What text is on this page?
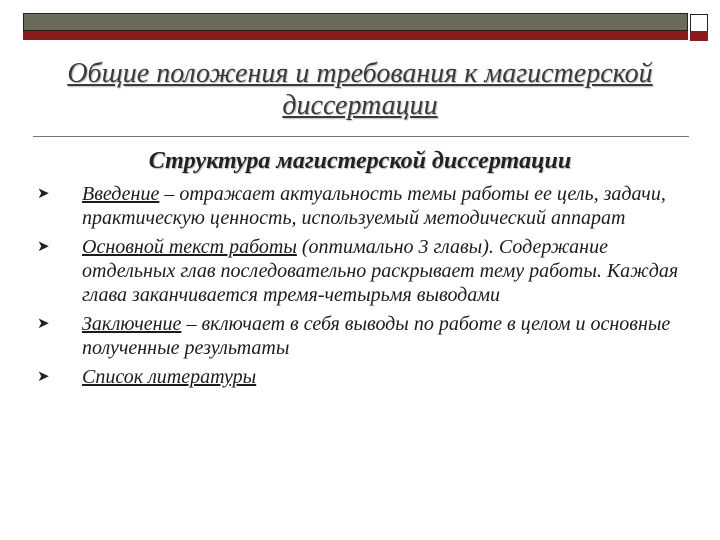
Общие положения и требования к магистерской диссертации
Структура магистерской диссертации
➤ Введение – отражает актуальность темы работы ее цель, задачи, практическую ценность, используемый методический аппарат
➤ Основной текст работы (оптимально 3 главы). Содержание отдельных глав последовательно раскрывает тему работы. Каждая глава заканчивается тремя-четырьмя выводами
➤ Заключение – включает в себя выводы по работе в целом и основные полученные результаты
➤ Список литературы
